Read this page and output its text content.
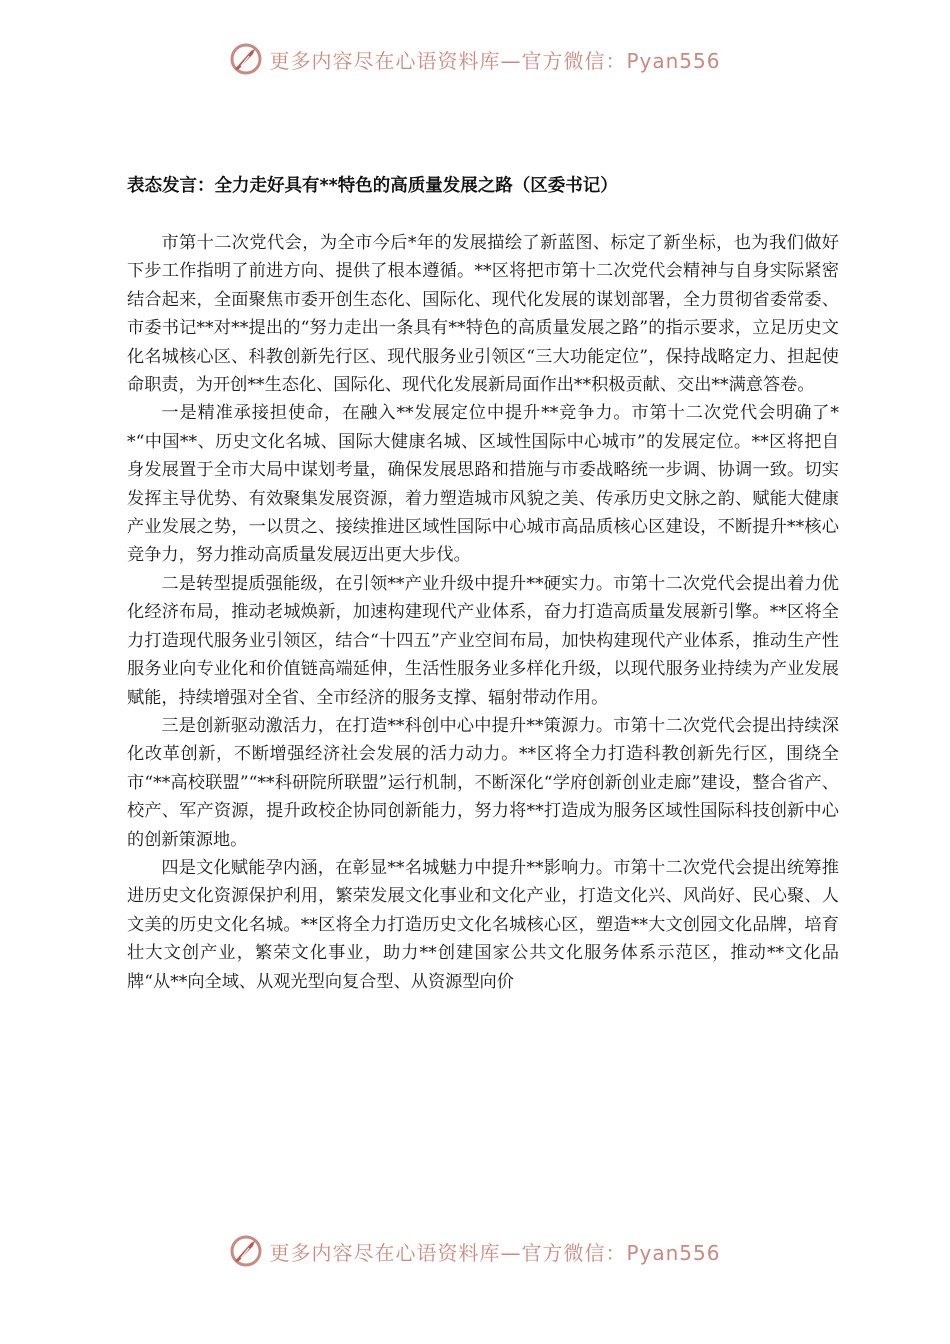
更多内容尽在心语资料库—官方微信：Pyan556
表态发言：全力走好具有**特色的高质量发展之路（区委书记）

市第十二次党代会，为全市今后*年的发展描绘了新蓝图、标定了新坐标，也为我们做好下步工作指明了前进方向、提供了根本遵循。**区将把市第十二次党代会精神与自身实际紧密结合起来，全面聚焦市委开创生态化、国际化、现代化发展的谋划部署，全力贯彻省委常委、市委书记**对**提出的“努力走出一条具有**特色的高质量发展之路”的指示要求，立足历史文化名城核心区、科教创新先行区、现代服务业引领区“三大功能定位”，保持战略定力、担起使命职责，为开创**生态化、国际化、现代化发展新局面作出**积极贡献、交出**满意答卷。

一是精准承接担使命，在融入**发展定位中提升**竞争力。市第十二次党代会明确了**“中国**、历史文化名城、国际大健康名城、区域性国际中心城市”的发展定位。**区将把自身发展置于全市大局中谋划考量，确保发展思路和措施与市委战略统一步调、协调一致。切实发挥主导优势、有效聚集发展资源，着力塑造城市风貌之美、传承历史文脉之韵、赋能大健康产业发展之势，一以贯之、接续推进区域性国际中心城市高品质核心区建设，不断提升**核心竞争力，努力推动高质量发展迈出更大步伐。

二是转型提质强能级，在引领**产业升级中提升**硬实力。市第十二次党代会提出着力优化经济布局，推动老城焕新，加速构建现代产业体系，奋力打造高质量发展新引擎。**区将全力打造现代服务业引领区，结合“十四五”产业空间布局，加快构建现代产业体系，推动生产性服务业向专业化和价值链高端延伸，生活性服务业多样化升级，以现代服务业持续为产业发展赋能，持续增强对全省、全市经济的服务支撑、辐射带动作用。

三是创新驱动激活力，在打造**科创中心中提升**策源力。市第十二次党代会提出持续深化改革创新，不断增强经济社会发展的活力动力。**区将全力打造科教创新先行区，围绕全市“**高校联盟”“**科研院所联盟”运行机制，不断深化“学府创新创业走廊”建设，整合省产、校产、军产资源，提升政校企协同创新能力，努力将**打造成为服务区域性国际科技创新中心的创新策源地。

四是文化赋能孕内涵，在彰显**名城魅力中提升**影响力。市第十二次党代会提出统筹推进历史文化资源保护利用，繁荣发展文化事业和文化产业，打造文化兴、风尚好、民心聚、人文美的历史文化名城。**区将全力打造历史文化名城核心区，塑造**大文创园文化品牌，培育壮大文创产业，繁荣文化事业，助力**创建国家公共文化服务体系示范区，推动**文化品牌“从**向全域、从观光型向复合型、从资源型向价

更多内容尽在心语资料库—官方微信：Pyan556
